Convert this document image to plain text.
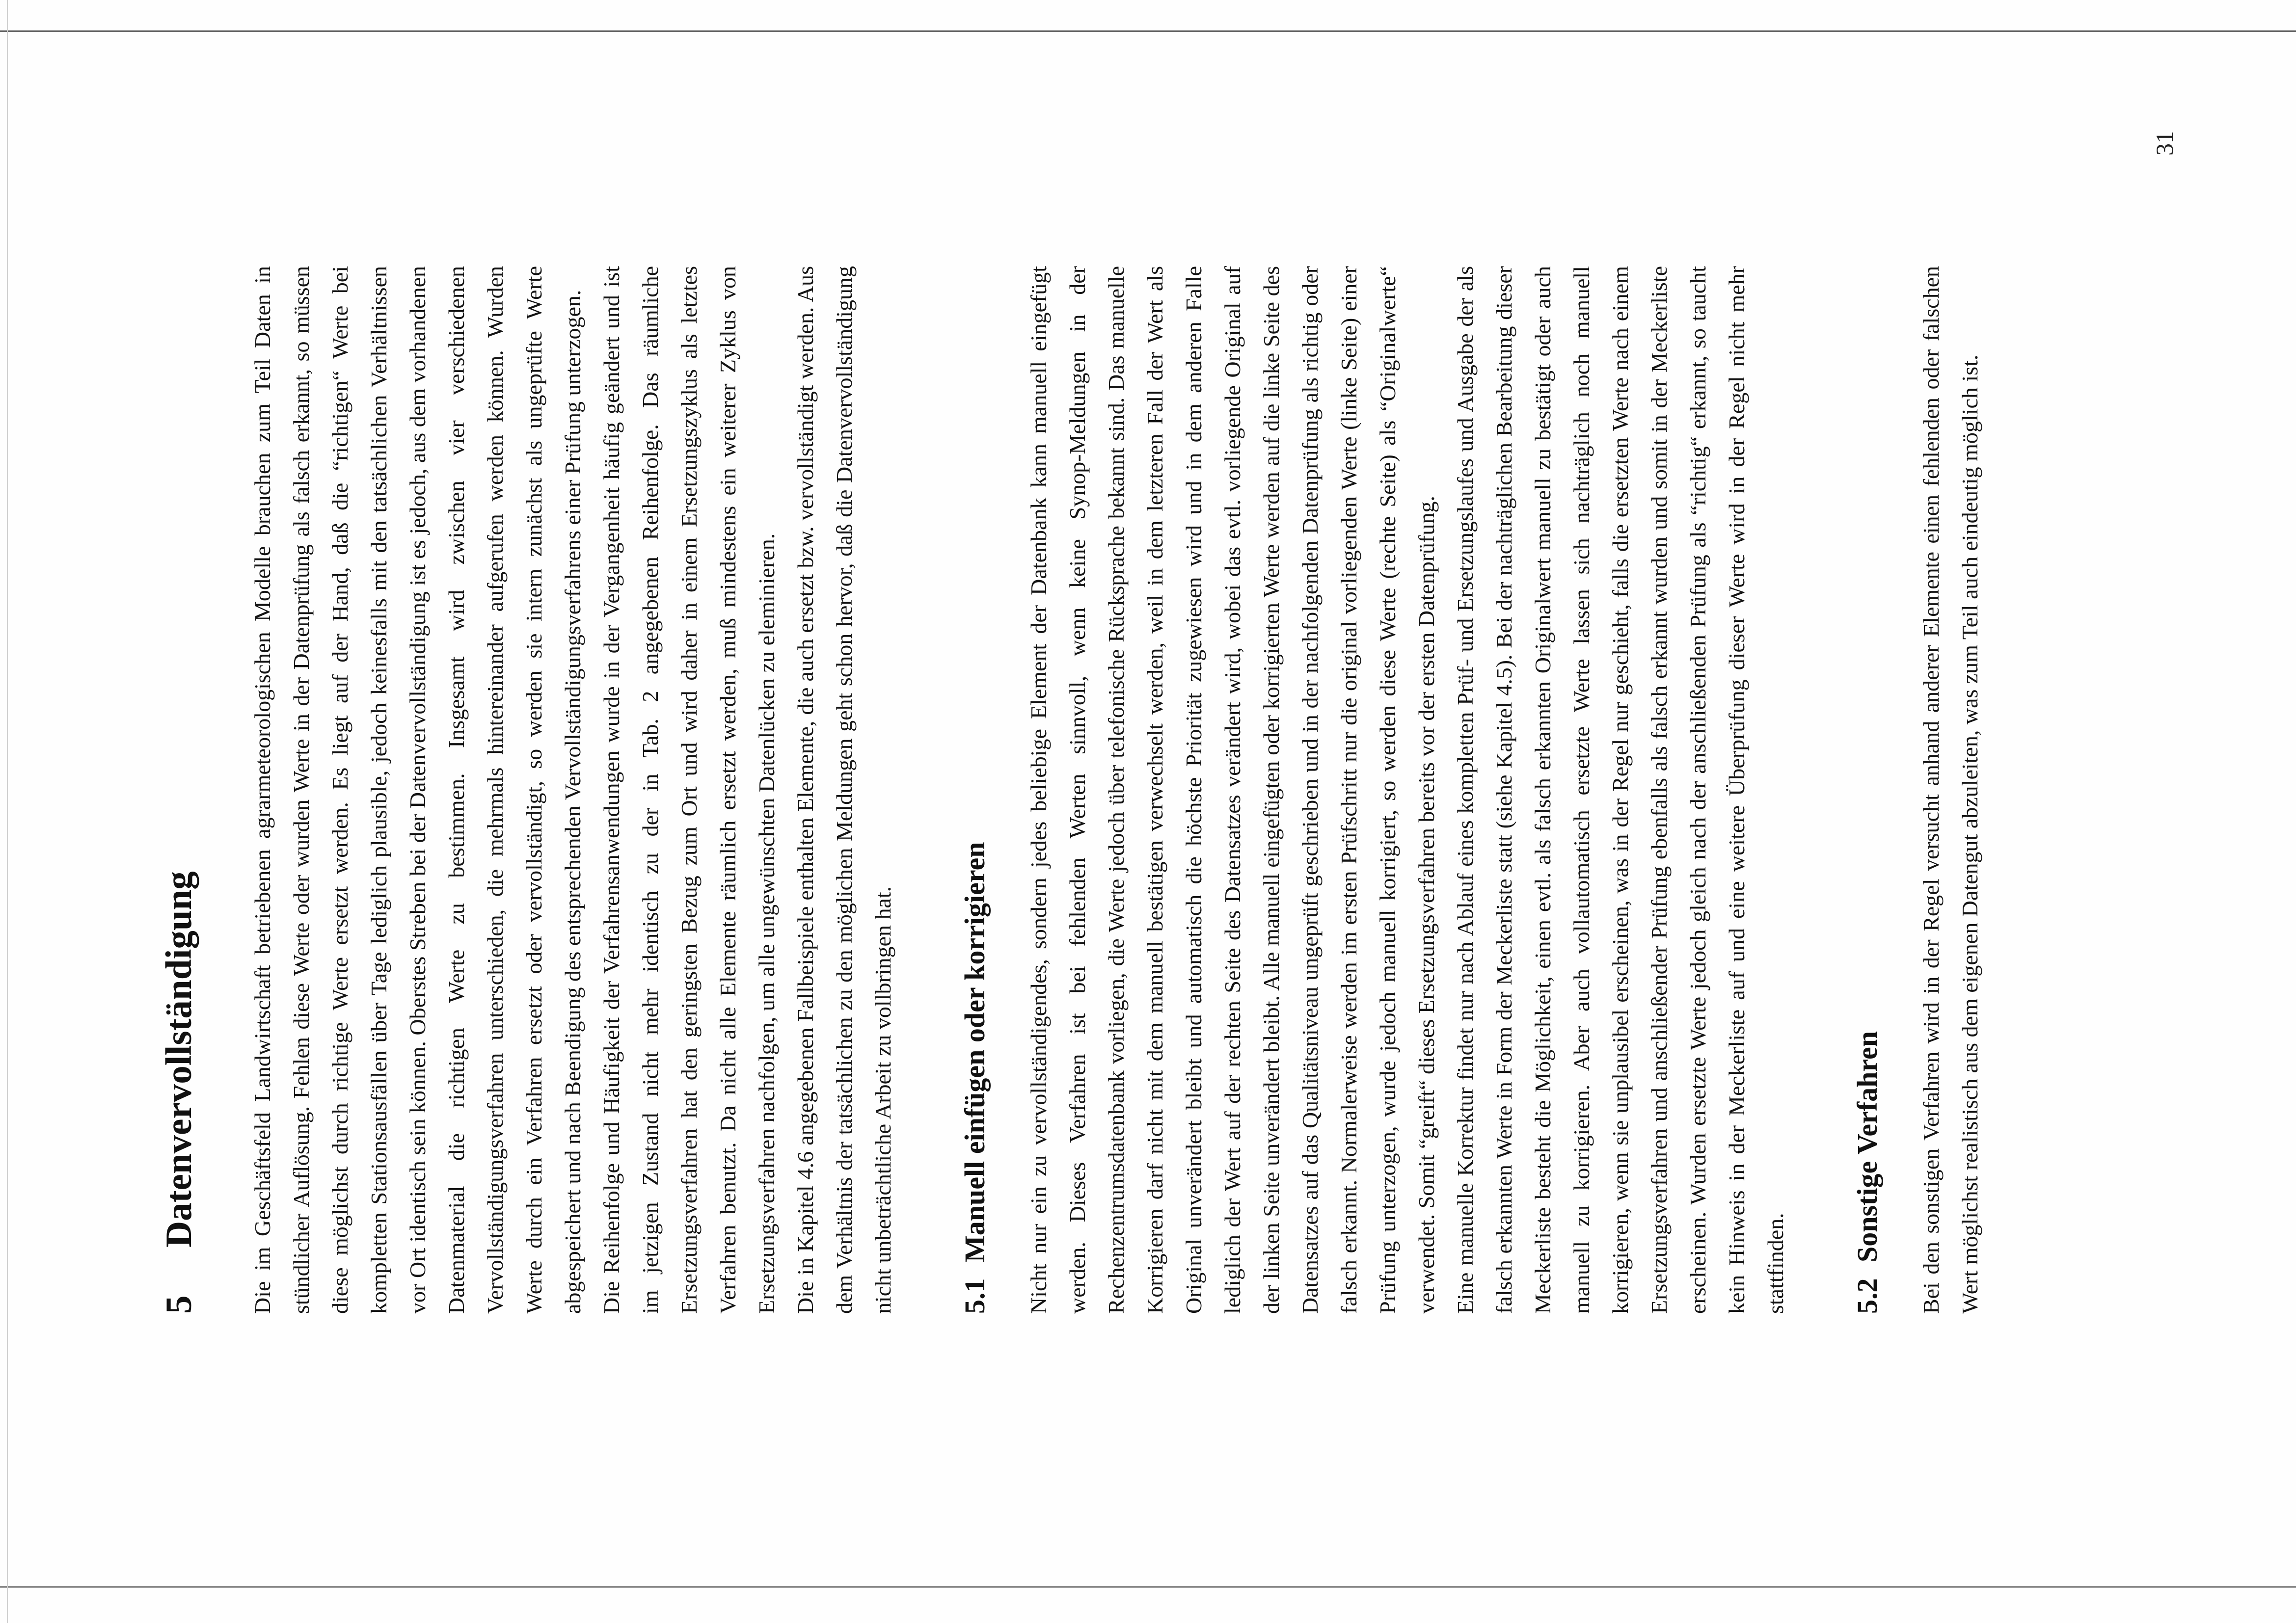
5Datenvervollständigung	Die im Geschäftsfeld Landwirtschaft betriebenen agrarmeteorologischen Modelle brauchen zum Teil Daten in stündlicher Auflösung. Fehlen diese Werte oder wurden Werte in der Datenprüfung als falsch erkannt, so müssen diese möglichst durch richtige Werte ersetzt werden. Es liegt auf der Hand, daß die “richtigen“ Werte bei kompletten Stationsausfällen über Tage lediglich plausible, jedoch keinesfalls mit den tatsächlichen Verhältnissen vor Ort identisch sein können. Oberstes Streben bei der Datenvervollständigung ist es jedoch, aus dem vorhandenen Datenmaterial die richtigen Werte zu bestimmen. Insgesamt wird zwischen vier verschiedenen Vervollständigungsverfahren unterschieden, die mehrmals hintereinander aufgerufen werden können. Wurden Werte durch ein Verfahren ersetzt oder vervollständigt, so werden sie intern zunächst als ungeprüfte Werte abgespeichert und nach Beendigung des entsprechenden Vervollständigungsverfahrens einer Prüfung unterzogen. Die Reihenfolge und Häufigkeit der Verfahrensanwendungen wurde in der Vergangenheit häufig geändert und ist im jetzigen Zustand nicht mehr identisch zu der in Tab. 2 angegebenen Reihenfolge. Das räumliche Ersetzungsverfahren hat den geringsten Bezug zum Ort und wird daher in einem Ersetzungszyklus als letztes Verfahren benutzt. Da nicht alle Elemente räumlich ersetzt werden, muß mindestens ein weiterer Zyklus von Ersetzungsverfahren nachfolgen, um alle ungewünschten Datenlücken zu eleminieren. Die in Kapitel 4.6 angegebenen Fallbeispiele enthalten Elemente, die auch ersetzt bzw. vervollständigt werden. Aus dem Verhältnis der tatsächlichen zu den möglichen Meldungen geht schon hervor, daß die Datenvervollständigung nicht unbeträchtliche Arbeit zu vollbringen hat. 5.1Manuell einfügen oder korrigieren	Nicht nur ein zu vervollständigendes, sondern jedes beliebige Element der Datenbank kann manuell eingefügt werden. Dieses Verfahren ist bei fehlenden Werten sinnvoll, wenn keine Synop-Meldungen in der Rechenzentrumsdatenbank vorliegen, die Werte jedoch über telefonische Rücksprache bekannt sind. Das manuelle Korrigieren darf nicht mit dem manuell bestätigen verwechselt werden, weil in dem letzteren Fall der Wert als Original unverändert bleibt und automatisch die höchste Priorität zugewiesen wird und in dem anderen Falle lediglich der Wert auf der rechten Seite des Datensatzes verändert wird, wobei das evtl. vorliegende Original auf der linken Seite unverändert bleibt. Alle manuell eingefügten oder korrigierten Werte werden auf die linke Seite des Datensatzes auf das Qualitätsniveau ungeprüft geschrieben und in der nachfolgenden Datenprüfung als richtig oder falsch erkannt. Normalerweise werden im ersten Prüfschritt nur die original vorliegenden Werte (linke Seite) einer Prüfung unterzogen, wurde jedoch manuell korrigiert, so werden diese Werte (rechte Seite) als “Originalwerte“ verwendet. Somit “greift“ dieses Ersetzungsverfahren bereits vor der ersten Datenprüfung. Eine manuelle Korrektur findet nur nach Ablauf eines kompletten Prüf- und Ersetzungslaufes und Ausgabe der als falsch erkannten Werte in Form der Meckerliste statt (siehe Kapitel 4.5). Bei der nachträglichen Bearbeitung dieser Meckerliste besteht die Möglichkeit, einen evtl. als falsch erkannten Originalwert manuell zu bestätigt oder auch manuell zu korrigieren. Aber auch vollautomatisch ersetzte Werte lassen sich nachträglich noch manuell korrigieren, wenn sie unplausibel erscheinen, was in der Regel nur geschieht, falls die ersetzten Werte nach einem Ersetzungsverfahren und anschließender Prüfung ebenfalls als falsch erkannt wurden und somit in der Meckerliste erscheinen. Wurden ersetzte Werte jedoch gleich nach der anschließenden Prüfung als “richtig“ erkannt, so taucht kein Hinweis in der Meckerliste auf und eine weitere Überprüfung dieser Werte wird in der Regel nicht mehr stattfinden. 5.2Sonstige Verfahren	Bei den sonstigen Verfahren wird in der Regel versucht anhand anderer Elemente einen fehlenden oder falschen Wert möglichst realistisch aus dem eigenen Datengut abzuleiten, was zum Teil auch eindeutig möglich ist.

31
